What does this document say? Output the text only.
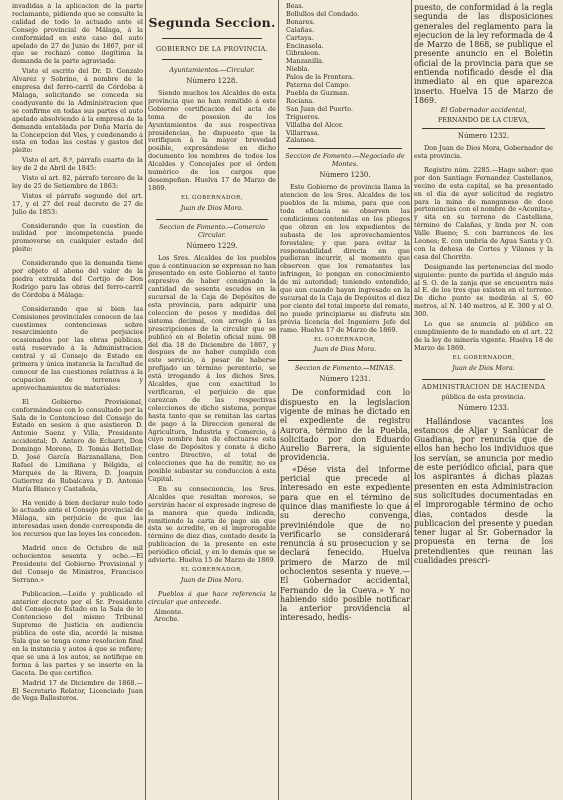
invadidas á la aplicacion de la parte reclamante, pidiendo que se consulte la calidad de todo lo actuado ante el Consejo provincial de Málaga, á la conformidad en este caso del auto apelado de 27 de Junio de 1867, por el que se rechazó como ilegítima la demanda de la parte agraviada:

Visto el escrito del Dr. D. Gonzalo Alvarez y Sobrino, á nombre de la empresa del ferro-carril de Córdoba á Málaga, solicitando se conceda su coadyuvante de la Administracion que se confirme en todas sus partes el auto apelado absolviendo á la empresa de la demanda entablada por Doña María de la Concepcion del Vies, y condenando á esta en todas las costas y gastos del pleito:

Visto el art. 8.º, párrafo cuarto de la ley de 2 de Abril de 1845:

Visto el art. 82, párrafo tercero de la ley de 25 de Setiembre de 1863:

Vistos el párrafo segundo del art. 17, y el 27 del real decreto de 27 de Julio de 1853:

Considerando que la cuestion de nulidad por incompetencia puede promoverse en cualquier estado del pleito:

Considerando que la demanda tiene por objeto el abono del valor de la piedra extraida del Cortijo de Don Rodrigo para las obras del ferro-carril de Córdoba á Málaga:

Considerando que si bien las Comisiones provinciales conocen de las cuestiones contenciosas sobre resarcimiento de perjuicios ocasionados por las obras públicas, está reservado á la Administracion central y al Consejo de Estado en primera y única instancia la facultad de conocer de las cuestiones relativas á la ocupacion de terrenos y aprovechamientos de materiales:

El Gobierno Provisional, conformándose con lo consultado por la Sala de lo Contencioso del Consejo de Estado en sesion á que asistieron D. Antonio Saenz y Villa, Presidente accidental; D. Antero de Echarri, Don Domingo Moreno, D. Tomás Betteller, D. José García Barzanallana, Don Rafael de Limiñana y Bélgida, el Marqués de la Rivera, D. Joaquin Gutierrez de Rubalcava y D. Antonio María Blanco y Castañola,

Ha venido á bien declarar nulo todo lo actuado ante el Consejo provincial de Málaga, sin perjuicio de que las interesadas usen donde corresponda de los recursos que las leyes les conceden.

Madrid once de Octubre de mil ochocientos sesenta y ocho.—El Presidente del Gobierno Provisional y del Consejo de Ministros, Francisco Serrano.»

Publicacion.—Leido y publicado el anterior decreto por el Sr. Presidente del Consejo de Estado en la Sala de lo Contencioso del mismo Tribunal Supremo de Justicia en audiencia pública de este dia, acordó la misma Sala que se tenga como resolucion final en la instancia y autos á que se refiere; que se una á los autos, se notifique en forma á las partes y se inserte en la Gaceta. De que certifico.

Madrid 17 de Diciembre de 1868.—El Secretario Relator, Licenciado Juan de Vega Ballesteros.

Segunda Seccion.
GOBIERNO DE LA PROVINCIA.
Ayuntamientos.—Circular.
Número 1228.

Siendo muchos los Alcaldes de esta provincia que no han remitido á este Gobierno certificacion del acta de toma de posesion de los Ayuntamientos de sus respectivas presidencias, he dispuesto que la verifiquen á la mayor brevedad posible, expresándose en dicho documento los nombres de todos los Alcaldes y Concejales por el órden numérico de los cargos que desempeñan. Huelva 17 de Marzo de 1869.

EL GOBERNADOR,
Juan de Dios Mora.
Seccion de Fomento.—Comercio Circular.
Número 1229.

Los Sres. Alcaldes de los pueblos que á continuacion se expresan no han presentado en este Gobierno el tanto expresivo de haber consignado la cantidad de sesenta escudos en la sucursal de la Caja de Depósitos de esta provincia, para adquirir una coleccion de pesos y medidas del sistema decimal, con arreglo á las prescripciones de la circular que se publicó en el Boletin oficial núm. 98 del dia 18 de Diciembre de 1867, y despues de no haber cumplido con este servicio, á pesar de haberse prefijado un término perentorio, se está irrogando á los dichos Sres. Alcaldes, que con exactitud lo verificaran, el perjuicio de que carezcan de las respectivas colecciones de dicho sistema, porque hasta tanto que se remitan las cartas de pago á la Direccion general de Agricultura, Industria y Comercio, á cuyo nombre han de efectuarse esta clase de Depósitos y conste á dicho centro Directivo, el total de colecciones que ha de remitir, no es posible subastar su conduccion á esta Capital.

En su consecuencia, los Sres. Alcaldes que resultan morosos, se servirán hacer el expresado ingreso de la manera que queda indicada, remitiendo la carta de pago sin que ésta se acredite, en el improrogable término de diez dias, contado desde la publicacion de la presente en este periódico oficial, y en lo demás que se advierte. Huelva 15 de Marzo de 1869.

EL GOBERNADOR,
Juan de Dios Mora.

Pueblos á que hace referencia la circular que antecede.

Almonte.

Aroche.

Beas.

Bollullos del Condado.

Bonares.

Calañas.

Cartaya.

Encinasola.

Gibraleon.

Manzanilla.

Niebla.

Palos de la Frontera.

Paterna del Campo.

Puebla de Guzman.

Rociana.

San Juan del Puerto.

Trigueros.

Villalba del Alcor.

Villarrasa.

Zalamea.

Seccion de Fomento.—Negociado de Montes.
Número 1230.

Este Gobierno de provincia llama la atencion de los Sres. Alcaldes de los pueblos de la misma, para que con toda eficacia se observen las condiciones contenidas en los pliegos que obran en los expedientes de subasta de los aprovechamientos forestales; y que para evitar la responsabilidad directa en que pudieran incurrir, al momento que observen que los rematantes las infringen, lo pongan en conocimiento de mi autoridad; teniendo entendido, que aun cuando hayan ingresado en la sucursal de la Caja de Depósitos el diez por ciento del total importe del remate, no puede principiarse su disfrute sin prévia licencia del Ingeniero Jefe del ramo. Huelva 17 de Marzo de 1869.

EL GOBERNADOR,
Juan de Dios Mora.
Seccion de Fomento.—MINAS.
Número 1231.

De conformidad con lo dispuesto en la legislacion vigente de minas he dictado en el expediente de registro Aurora, término de la Puebla, solicitado por don Eduardo Aurelio Barrera, la siguiente providencia.

«Dése vista del informe pericial que precede al interesado en este expediente para que en el término de quince dias manifieste lo que á su derecho convenga, previniéndole que de no verificarlo se considerará renuncia á su prosecucion y se declará fenecido. Huelva primero de Marzo de mil ochocientos sesenta y nueve.—El Gobernador accidental, Fernando de la Cueva.» Y no habiendo sido posible notificar la anterior providencia al interesado, hedis-

puesto, de conformidad á la regla segunda de las disposiciones generales del reglamento para la ejecucion de la ley reformada de 4 de Marzo de 1868, se publique el presente anuncio en el Boletin oficial de la provincia para que se entienda notificado desde el dia inmediato al en que aparezca inserto. Huelva 15 de Marzo de 1869.

El Gobernador accidental,
FERNANDO DE LA CUEVA,
Número 1232.

Don Juan de Dios Mora, Gobernador de esta provincia.

Registro núm. 2285.—Hago saber: que por don Santiago Fernandez Castellanos, vecino de esta capital, se ha presentado en el dia de ayer solicitud de registro para la mina de manganeso de doce pertenencias con el nombre de «Aconita», y sita en su terreno de Castellana, término de Calañas, y linda por N. con Valle Bueno; S. con barrancos de los Leones; E. con umbría de Agua Santa y O. con la dehesa de Cortes y Vilanes y la casa del Chorrito.

Designando las pertenencias del modo siguiente: punto de partida el ángulo más al S. O. de la zanja que se encuentra más al E. de los tres que existen en el terreno. De dicho punto se medirán al S. 60 metros, al N. 140 metros, al E. 300 y al O. 300.

Lo que se anuncia al público en cumplimiento de lo mandado en el art. 22 de la ley de minería vigente. Huelva 18 de Marzo de 1869.

EL GOBERNADOR,
Juan de Dios Mora.
ADMINISTRACION DE HACIENDA
pública de esta provincia.
Número 1233.

Hallándose vacantes los estancos de Aljar y Sanlúcar de Guadiana, por renuncia que de ellos han hecho los individuos que los servían, se anuncia por medio de este periódico oficial, para que los aspirantes á dichas plazas presenten en esta Administracion sus solicitudes documentadas en el improrogable término de ocho dias, contados desde la publicacion del presente y puedan tener lugar al Sr. Gobernador la propuesta en terna de los pretendientes que reunan las cualidades prescri-
